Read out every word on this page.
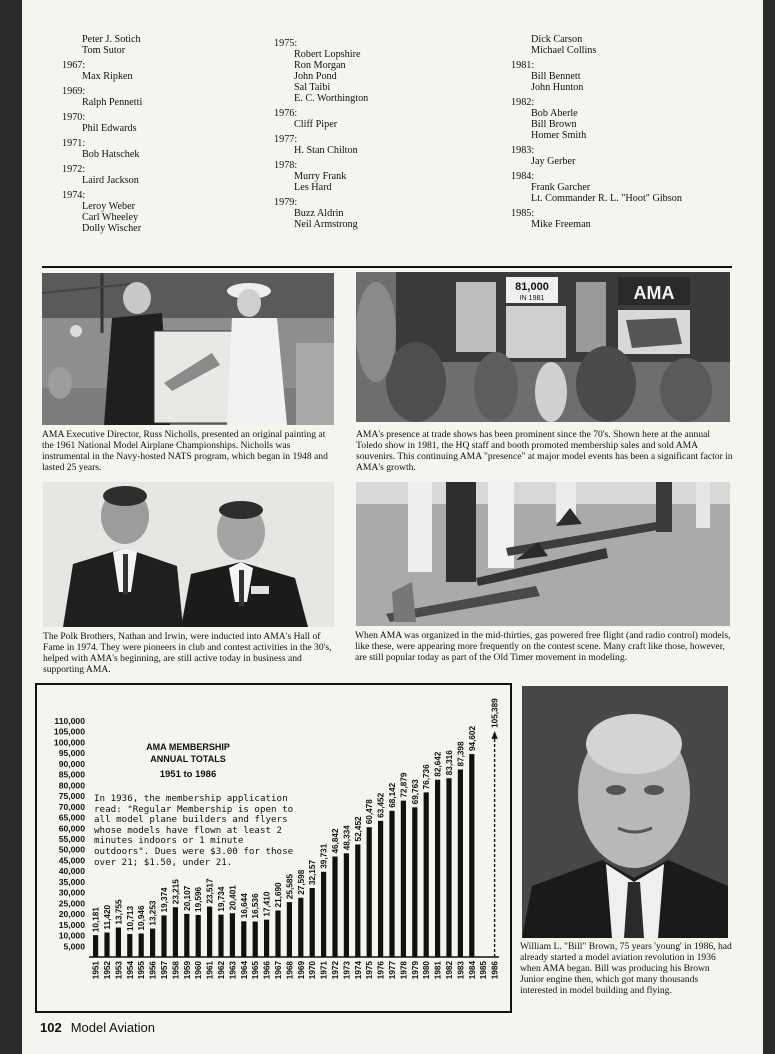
Peter J. Sotich
Tom Sutor
1967:
Max Ripken
1969:
Ralph Pennetti
1970:
Phil Edwards
1971:
Bob Hatschek
1972:
Laird Jackson
1974:
Leroy Weber
Carl Wheeley
Dolly Wischer
1975:
Robert Lopshire
Ron Morgan
John Pond
Sal Taibi
E. C. Worthington
1976:
Cliff Piper
1977:
H. Stan Chilton
1978:
Murry Frank
Les Hard
1979:
Buzz Aldrin
Neil Armstrong
Dick Carson
Michael Collins
1981:
Bill Bennett
John Hunton
1982:
Bob Aberle
Bill Brown
Homer Smith
1983:
Jay Gerber
1984:
Frank Garcher
Lt. Commander R. L. "Hoot" Gibson
1985:
Mike Freeman
AMA Executive Director, Russ Nicholls, presented an original painting at the 1961 National Model Airplane Championships. Nicholls was instrumental in the Navy-hosted NATS program, which began in 1948 and lasted 25 years.
81,000
IN 1981	AMA
AMA's presence at trade shows has been prominent since the 70's. Shown here at the annual Toledo show in 1981, the HQ staff and booth promoted membership sales and sold AMA souvenirs. This continuing AMA "presence" at major model events has been a significant factor in AMA's growth.
The Polk Brothers, Nathan and Irwin, were inducted into AMA's Hall of Fame in 1974. They were pioneers in club and contest activities in the 30's, helped with AMA's beginning, are still active today in business and supporting AMA.
When AMA was organized in the mid-thirties, gas powered free flight (and radio control) models, like these, were appearing more frequently on the contest scene. Many craft like those, however, are still popular today as part of the Old Timer movement in modeling.
110,000
105,000
100,000
95,000
90,000
85,000
80,000
75,000
70,000
65,000
60,000
55,000
50,000
45,000
40,000
35,000
30,000
25,000
20,000
15,000
10,000
5,000
10,181
1951
11,420
1952
13,755
1953
10,713
1954
10,946
1955
13,253
1956
19,374
1957
23,215
1958
20,107
1959
19,596
1960
23,517
1961
19,734
1962
20,401
1963
16,644
1964
16,536
1965
17,410
1966
21,690
1967
25,585
1968
27,598
1969
32,157
1970
39,731
1971
46,842
1972
48,334
1973
52,452
1974
60,478
1975
63,452
1976
68,142
1977
72,879
1978
69,763
1979
76,736
1980
82,642
1981
83,316
1982
87,398
1983
94,602
1984 1985
105,389
1986
AMA MEMBERSHIP
ANNUAL TOTALS
1951 to 1986
In 1936, the membership application read: "Regular Membership is open to all model plane builders and flyers whose models have flown at least 2 minutes indoors or 1 minute outdoors". Dues were $3.00 for those over 21; $1.50, under 21.
William L. "Bill" Brown, 75 years 'young' in 1986, had already started a model aviation revolution in 1936 when AMA began. Bill was producing his Brown Junior engine then, which got many thousands interested in model building and flying.
102 Model Aviation
